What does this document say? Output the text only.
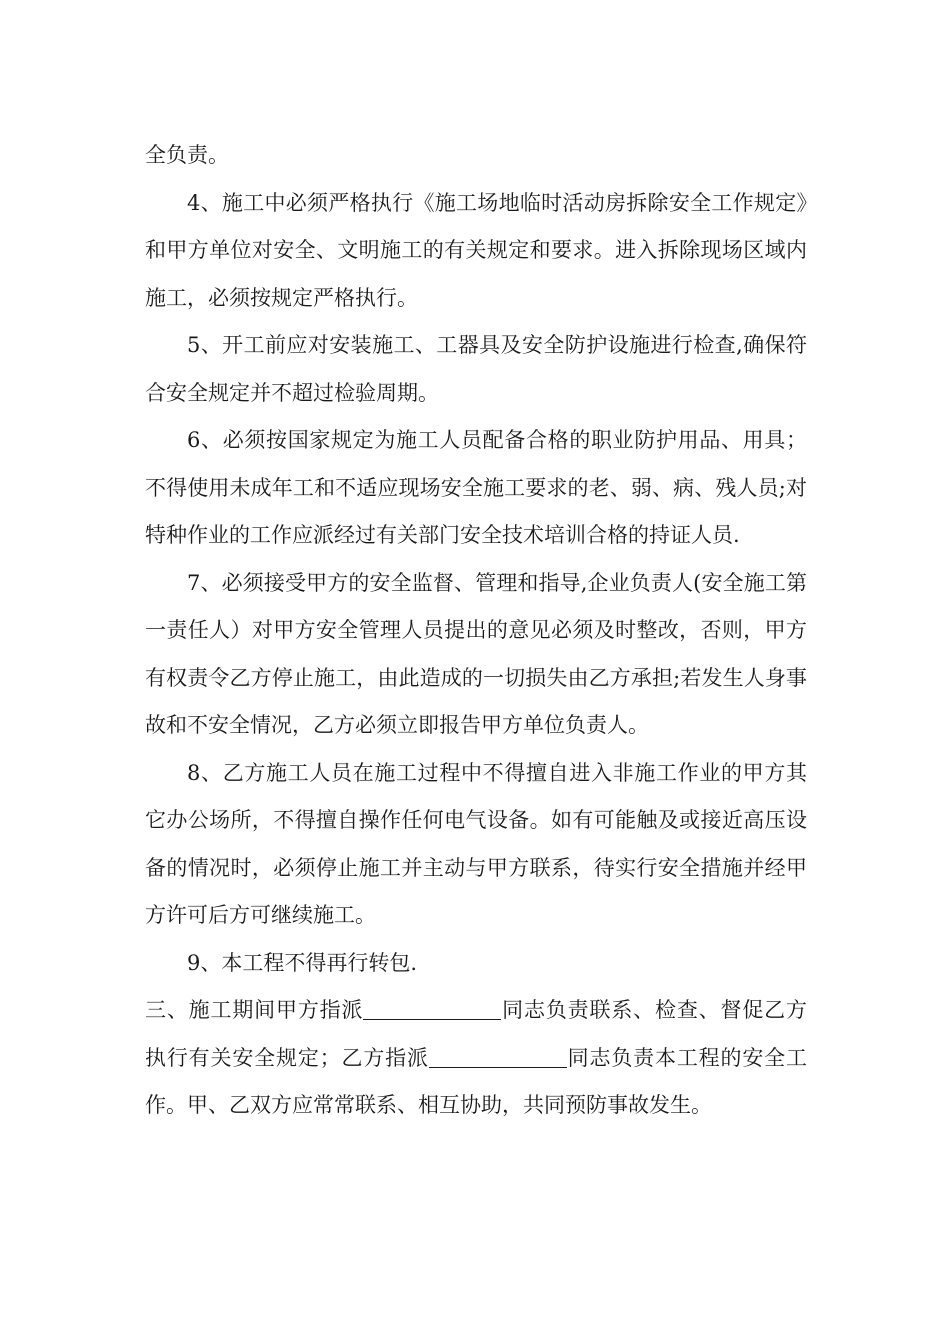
全负责。

4、施工中必须严格执行《施工场地临时活动房拆除安全工作规定》和甲方单位对安全、文明施工的有关规定和要求。进入拆除现场区域内施工，必须按规定严格执行。

5、开工前应对安装施工、工器具及安全防护设施进行检查,确保符合安全规定并不超过检验周期。

6、必须按国家规定为施工人员配备合格的职业防护用品、用具；不得使用未成年工和不适应现场安全施工要求的老、弱、病、残人员;对特种作业的工作应派经过有关部门安全技术培训合格的持证人员.

7、必须接受甲方的安全监督、管理和指导,企业负责人(安全施工第一责任人）对甲方安全管理人员提出的意见必须及时整改，否则，甲方有权责令乙方停止施工，由此造成的一切损失由乙方承担;若发生人身事故和不安全情况，乙方必须立即报告甲方单位负责人。

8、乙方施工人员在施工过程中不得擅自进入非施工作业的甲方其它办公场所，不得擅自操作任何电气设备。如有可能触及或接近高压设备的情况时，必须停止施工并主动与甲方联系，待实行安全措施并经甲方许可后方可继续施工。

9、本工程不得再行转包.

三、施工期间甲方指派	同志负责联系、检查、督促乙方执行有关安全规定；乙方指派	同志负责本工程的安全工作。甲、乙双方应常常联系、相互协助，共同预防事故发生。
